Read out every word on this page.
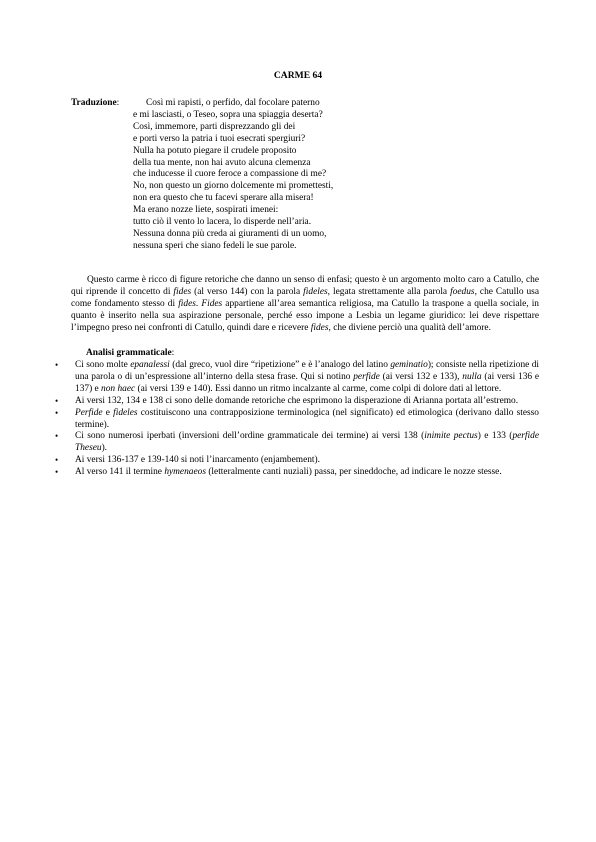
CARME 64
Traduzione:	Così mi rapisti, o perfido, dal focolare paterno
e mi lasciasti, o Teseo, sopra una spiaggia deserta?
Così, immemore, parti disprezzando gli dei
e porti verso la patria i tuoi esecrati spergiuri?
Nulla ha potuto piegare il crudele proposito
della tua mente, non hai avuto alcuna clemenza
che inducesse il cuore feroce a compassione di me?
No, non questo un giorno dolcemente mi promettesti,
non era questo che tu facevi sperare alla misera!
Ma erano nozze liete, sospirati imenei:
tutto ciò il vento lo lacera, lo disperde nell’aria.
Nessuna donna più creda ai giuramenti di un uomo,
nessuna speri che siano fedeli le sue parole.

Questo carme è ricco di figure retoriche che danno un senso di enfasi; questo è un argomento molto caro a Catullo, che qui riprende il concetto di fides (al verso 144) con la parola fideles, legata strettamente alla parola foedus, che Catullo usa come fondamento stesso di fides. Fides appartiene all’area semantica religiosa, ma Catullo la traspone a quella sociale, in quanto è inserito nella sua aspirazione personale, perché esso impone a Lesbia un legame giuridico: lei deve rispettare l’impegno preso nei confronti di Catullo, quindi dare e ricevere fides, che diviene perciò una qualità dell’amore.

Analisi grammaticale:
• Ci sono molte epanalessi (dal greco, vuol dire “ripetizione” e è l’analogo del latino geminatio); consiste nella ripetizione di una parola o di un’espressione all’interno della stesa frase. Qui si notino perfide (ai versi 132 e 133), nulla (ai versi 136 e 137) e non haec (ai versi 139 e 140). Essi danno un ritmo incalzante al carme, come colpi di dolore dati al lettore.
• Ai versi 132, 134 e 138 ci sono delle domande retoriche che esprimono la disperazione di Arianna portata all’estremo.
• Perfide e fideles costituiscono una contrapposizione terminologica (nel significato) ed etimologica (derivano dallo stesso termine).
• Ci sono numerosi iperbati (inversioni dell’ordine grammaticale dei termine) ai versi 138 (inimite pectus) e 133 (perfide Theseu).
• Ai versi 136-137 e 139-140 si noti l’inarcamento (enjambement).
• Al verso 141 il termine hymenaeos (letteralmente canti nuziali) passa, per sineddoche, ad indicare le nozze stesse.
